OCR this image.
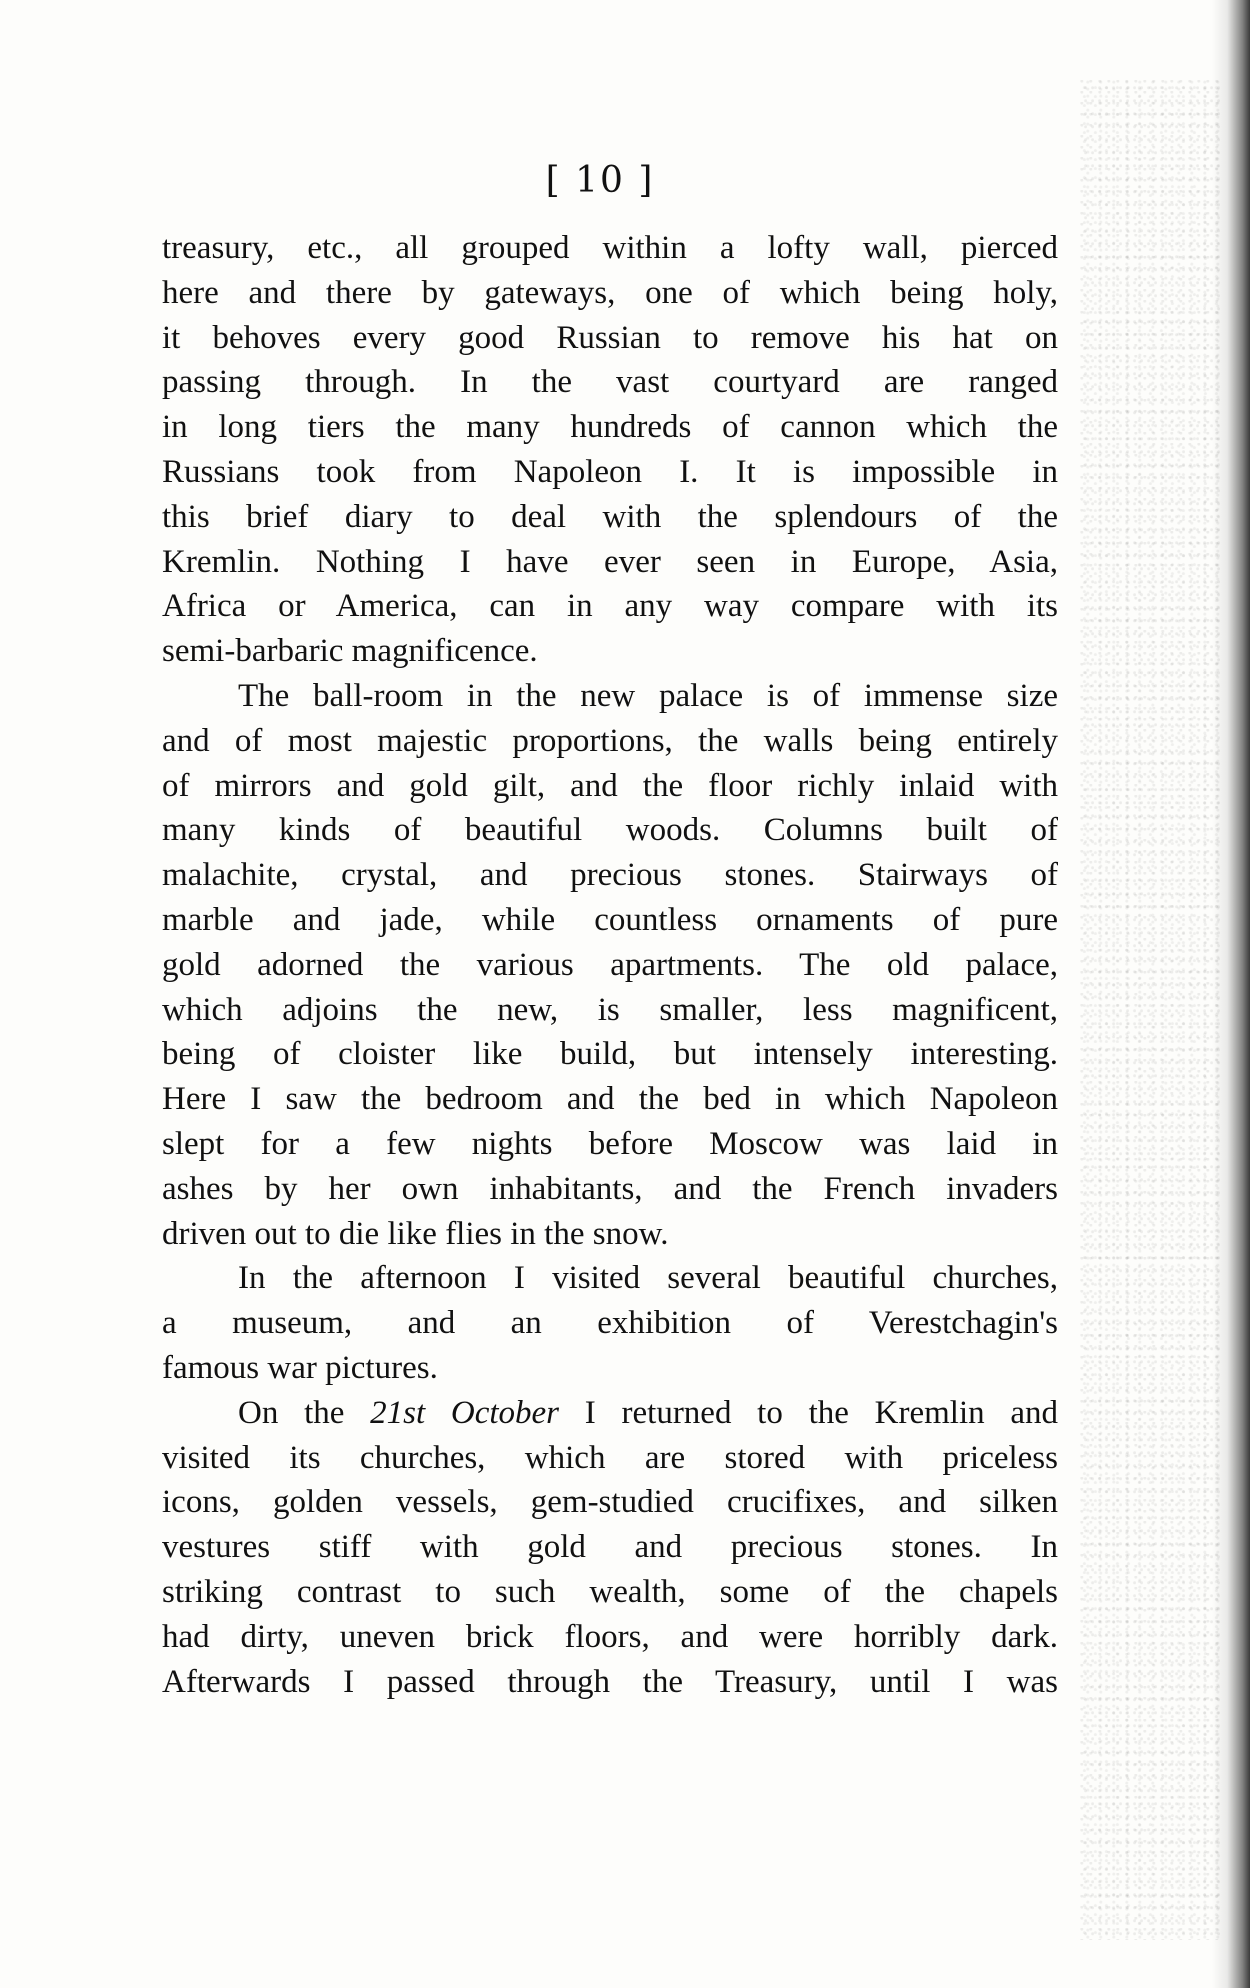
[ 10 ]
treasury, etc., all grouped within a lofty wall, pierced
here and there by gateways, one of which being holy,
it behoves every good Russian to remove his hat on
passing through. In the vast courtyard are ranged
in long tiers the many hundreds of cannon which the
Russians took from Napoleon I. It is impossible in
this brief diary to deal with the splendours of the
Kremlin. Nothing I have ever seen in Europe, Asia,
Africa or America, can in any way compare with its
semi-barbaric magnificence.
The ball-room in the new palace is of immense size
and of most majestic proportions, the walls being entirely
of mirrors and gold gilt, and the floor richly inlaid with
many kinds of beautiful woods. Columns built of
malachite, crystal, and precious stones. Stairways of
marble and jade, while countless ornaments of pure
gold adorned the various apartments. The old palace,
which adjoins the new, is smaller, less magnificent,
being of cloister like build, but intensely interesting.
Here I saw the bedroom and the bed in which Napoleon
slept for a few nights before Moscow was laid in
ashes by her own inhabitants, and the French invaders
driven out to die like flies in the snow.
In the afternoon I visited several beautiful churches,
a museum, and an exhibition of Verestchagin's
famous war pictures.
On the 21st October I returned to the Kremlin and
visited its churches, which are stored with priceless
icons, golden vessels, gem-studied crucifixes, and silken
vestures stiff with gold and precious stones. In
striking contrast to such wealth, some of the chapels
had dirty, uneven brick floors, and were horribly dark.
Afterwards I passed through the Treasury, until I was
